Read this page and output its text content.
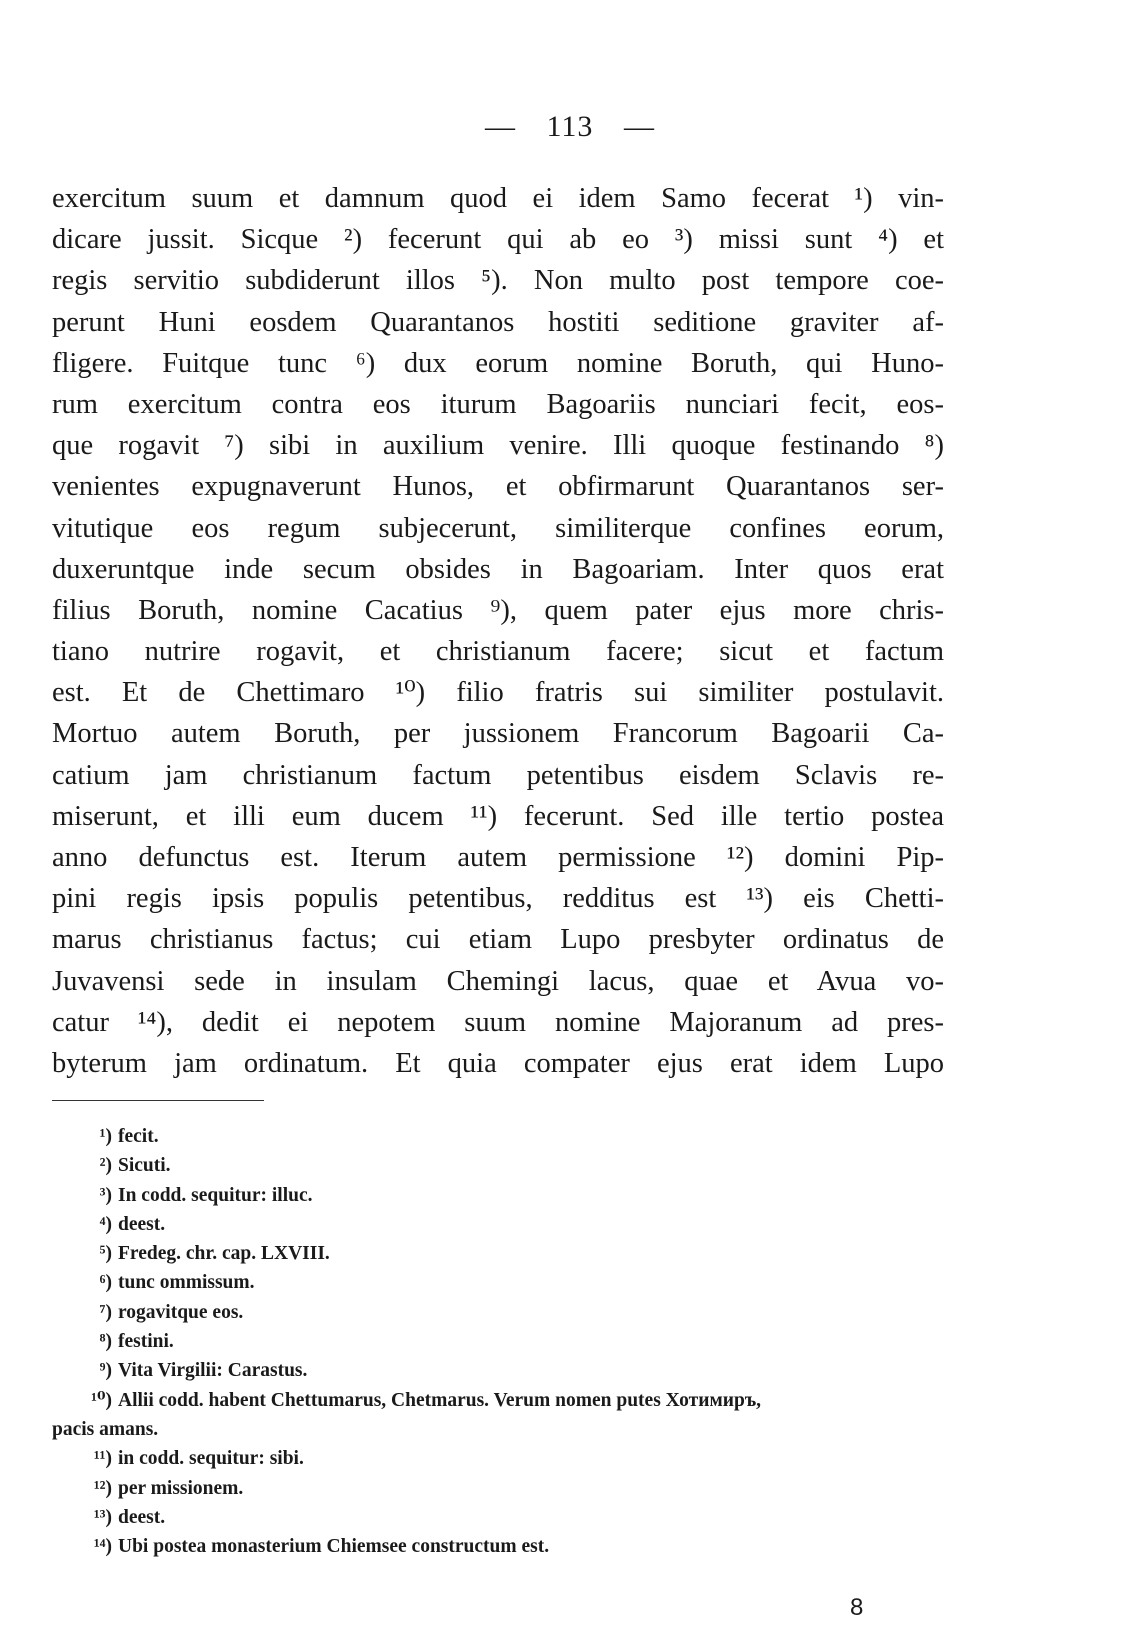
— 113 —
exercitum suum et damnum quod ei idem Samo fecerat ¹) vin-
dicare jussit. Sicque ²) fecerunt qui ab eo ³) missi sunt ⁴) et
regis servitio subdiderunt illos ⁵). Non multo post tempore coe-
perunt Huni eosdem Quarantanos hostiti seditione graviter af-
fligere. Fuitque tunc ⁶) dux eorum nomine Boruth, qui Huno-
rum exercitum contra eos iturum Bagoariis nunciari fecit, eos-
que rogavit ⁷) sibi in auxilium venire. Illi quoque festinando ⁸)
venientes expugnaverunt Hunos, et obfirmarunt Quarantanos ser-
vitutique eos regum subjecerunt, similiterque confines eorum,
duxeruntque inde secum obsides in Bagoariam. Inter quos erat
filius Boruth, nomine Cacatius ⁹), quem pater ejus more chris-
tiano nutrire rogavit, et christianum facere; sicut et factum
est. Et de Chettimaro ¹⁰) filio fratris sui similiter postulavit.
Mortuo autem Boruth, per jussionem Francorum Bagoarii Ca-
catium jam christianum factum petentibus eisdem Sclavis re-
miserunt, et illi eum ducem ¹¹) fecerunt. Sed ille tertio postea
anno defunctus est. Iterum autem permissione ¹²) domini Pip-
pini regis ipsis populis petentibus, redditus est ¹³) eis Chetti-
marus christianus factus; cui etiam Lupo presbyter ordinatus de
Juvavensi sede in insulam Chemingi lacus, quae et Avua vo-
catur ¹⁴), dedit ei nepotem suum nomine Majoranum ad pres-
byterum jam ordinatum. Et quia compater ejus erat idem Lupo
¹) fecit.
²) Sicuti.
³) In codd. sequitur: illuc.
⁴) deest.
⁵) Fredeg. chr. cap. LXVIII.
⁶) tunc ommissum.
⁷) rogavitque eos.
⁸) festini.
⁹) Vita Virgilii: Carastus.
¹⁰) Allii codd. habent Chettumarus, Chetmarus. Verum nomen putes Хотимиръ,
pacis amans.
¹¹) in codd. sequitur: sibi.
¹²) per missionem.
¹³) deest.
¹⁴) Ubi postea monasterium Chiemsee constructum est.
8
